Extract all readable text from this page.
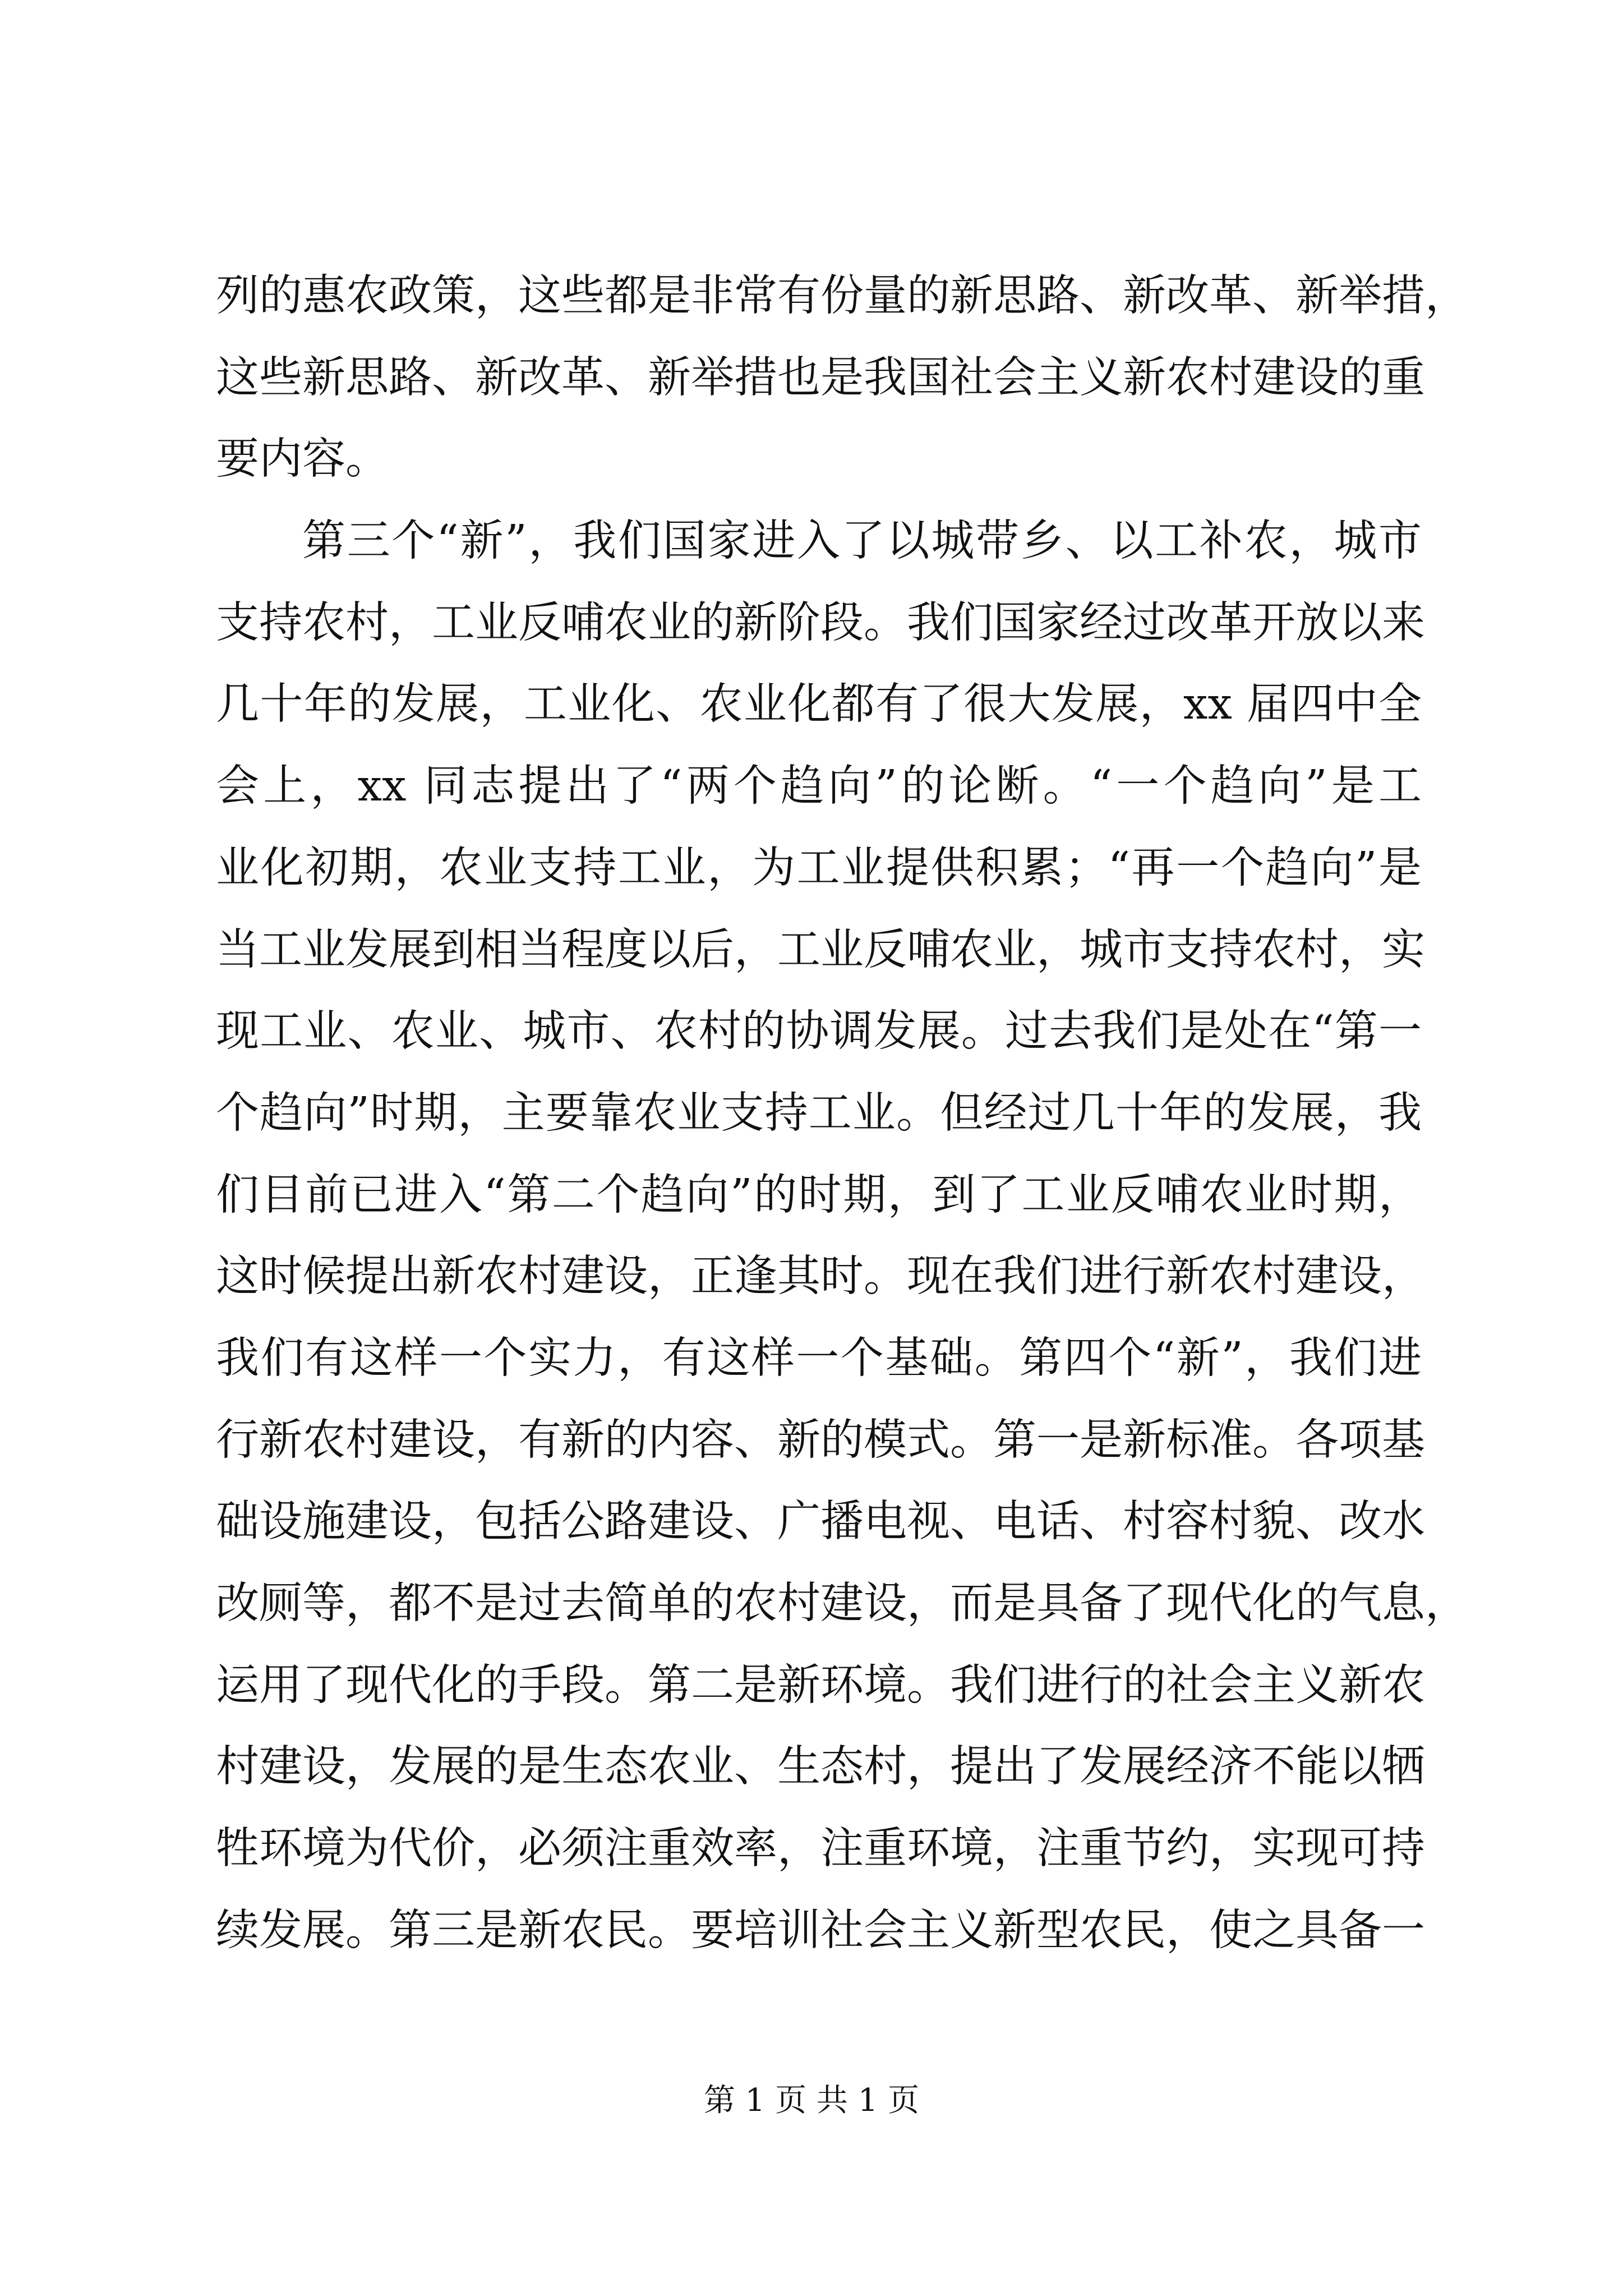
列的惠农政策，这些都是非常有份量的新思路、新改革、新举措，
这些新思路、新改革、新举措也是我国社会主义新农村建设的重
要内容。
第三个“新”，我们国家进入了以城带乡、以工补农，城市
支持农村，工业反哺农业的新阶段。我们国家经过改革开放以来
几十年的发展，工业化、农业化都有了很大发展，xx 届四中全
会上，xx 同志提出了“两个趋向”的论断。“一个趋向”是工
业化初期，农业支持工业，为工业提供积累；“再一个趋向”是
当工业发展到相当程度以后，工业反哺农业，城市支持农村，实
现工业、农业、城市、农村的协调发展。过去我们是处在“第一
个趋向”时期，主要靠农业支持工业。但经过几十年的发展，我
们目前已进入“第二个趋向”的时期，到了工业反哺农业时期，
这时候提出新农村建设，正逢其时。现在我们进行新农村建设，
我们有这样一个实力，有这样一个基础。第四个“新”，我们进
行新农村建设，有新的内容、新的模式。第一是新标准。各项基
础设施建设，包括公路建设、广播电视、电话、村容村貌、改水
改厕等，都不是过去简单的农村建设，而是具备了现代化的气息，
运用了现代化的手段。第二是新环境。我们进行的社会主义新农
村建设，发展的是生态农业、生态村，提出了发展经济不能以牺
牲环境为代价，必须注重效率，注重环境，注重节约，实现可持
续发展。第三是新农民。要培训社会主义新型农民，使之具备一
第 1 页 共 1 页
